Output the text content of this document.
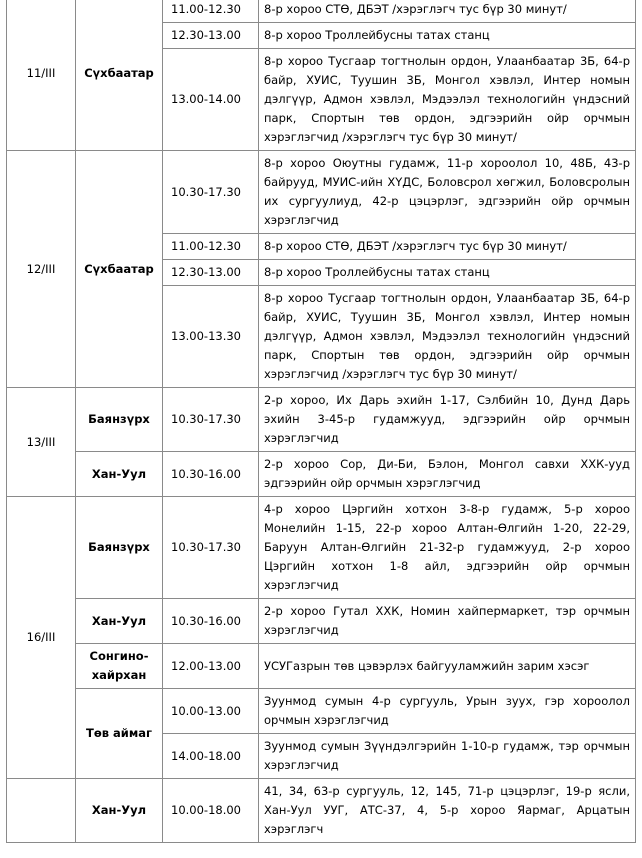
11/III	Сүхбаатар	11.00-12.30	8-р хороо СТӨ, ДБЭТ /хэрэглэгч тус бүр 30 минут/
		12.30-13.00	8-р хороо Троллейбусны татах станц
		13.00-14.00	8-р хороо Тусгаар тогтнолын ордон, Улаанбаатар 3Б, 64-р байр, ХУИС, Туушин 3Б, Монгол хэвлэл, Интер номын дэлгүүр, Адмон хэвлэл, Мэдээлэл технологийн үндэсний парк, Спортын төв ордон, эдгээрийн ойр орчмын хэрэглэгчид /хэрэглэгч тус бүр 30 минут/
12/III	Сүхбаатар	10.30-17.30	8-р хороо Оюутны гудамж, 11-р хороолол 10, 48Б, 43-р байрууд, МУИС-ийн ХҮДС, Боловсрол хөгжил, Боловсролын их сургуулиуд, 42-р цэцэрлэг, эдгээрийн ойр орчмын хэрэглэгчид
		11.00-12.30	8-р хороо СТӨ, ДБЭТ /хэрэглэгч тус бүр 30 минут/
		12.30-13.00	8-р хороо Троллейбусны татах станц
		13.00-13.30	8-р хороо Тусгаар тогтнолын ордон, Улаанбаатар 3Б, 64-р байр, ХУИС, Туушин 3Б, Монгол хэвлэл, Интер номын дэлгүүр, Адмон хэвлэл, Мэдээлэл технологийн үндэсний парк, Спортын төв ордон, эдгээрийн ойр орчмын хэрэглэгчид /хэрэглэгч тус бүр 30 минут/
13/III	Баянзүрх	10.30-17.30	2-р хороо, Их Дарь эхийн 1-17, Сэлбийн 10, Дунд Дарь эхийн 3-45-р гудамжууд, эдгээрийн ойр орчмын хэрэглэгчид
	Хан-Уул	10.30-16.00	2-р хороо Сор, Ди-Би, Бэлон, Монгол савхи ХХК-ууд эдгээрийн ойр орчмын хэрэглэгчид
16/III	Баянзүрх	10.30-17.30	4-р хороо Цэргийн хотхон 3-8-р гудамж, 5-р хороо Монелийн 1-15, 22-р хороо Алтан-Өлгийн 1-20, 22-29, Баруун Алтан-Өлгийн 21-32-р гудамжууд, 2-р хороо Цэргийн хотхон 1-8 айл, эдгээрийн ойр орчмын хэрэглэгчид
	Хан-Уул	10.30-16.00	2-р хороо Гутал ХХК, Номин хайпермаркет, тэр орчмын хэрэглэгчид
	Сонгино-хайрхан	12.00-13.00	УСУГазрын төв цэвэрлэх байгууламжийн зарим хэсэг
	Төв аймаг	10.00-13.00	Зуунмод сумын 4-р сургууль, Урын зуух, гэр хороолол орчмын хэрэглэгчид
		14.00-18.00	Зуунмод сумын Зүүндэлгэрийн 1-10-р гудамж, тэр орчмын хэрэглэгчид
	Хан-Уул	10.00-18.00	41, 34, 63-р сургууль, 12, 145, 71-р цэцэрлэг, 19-р ясли, Хан-Уул УУГ, АТС-37, 4, 5-р хороо Яармаг, Арцатын хэрэглэгч
